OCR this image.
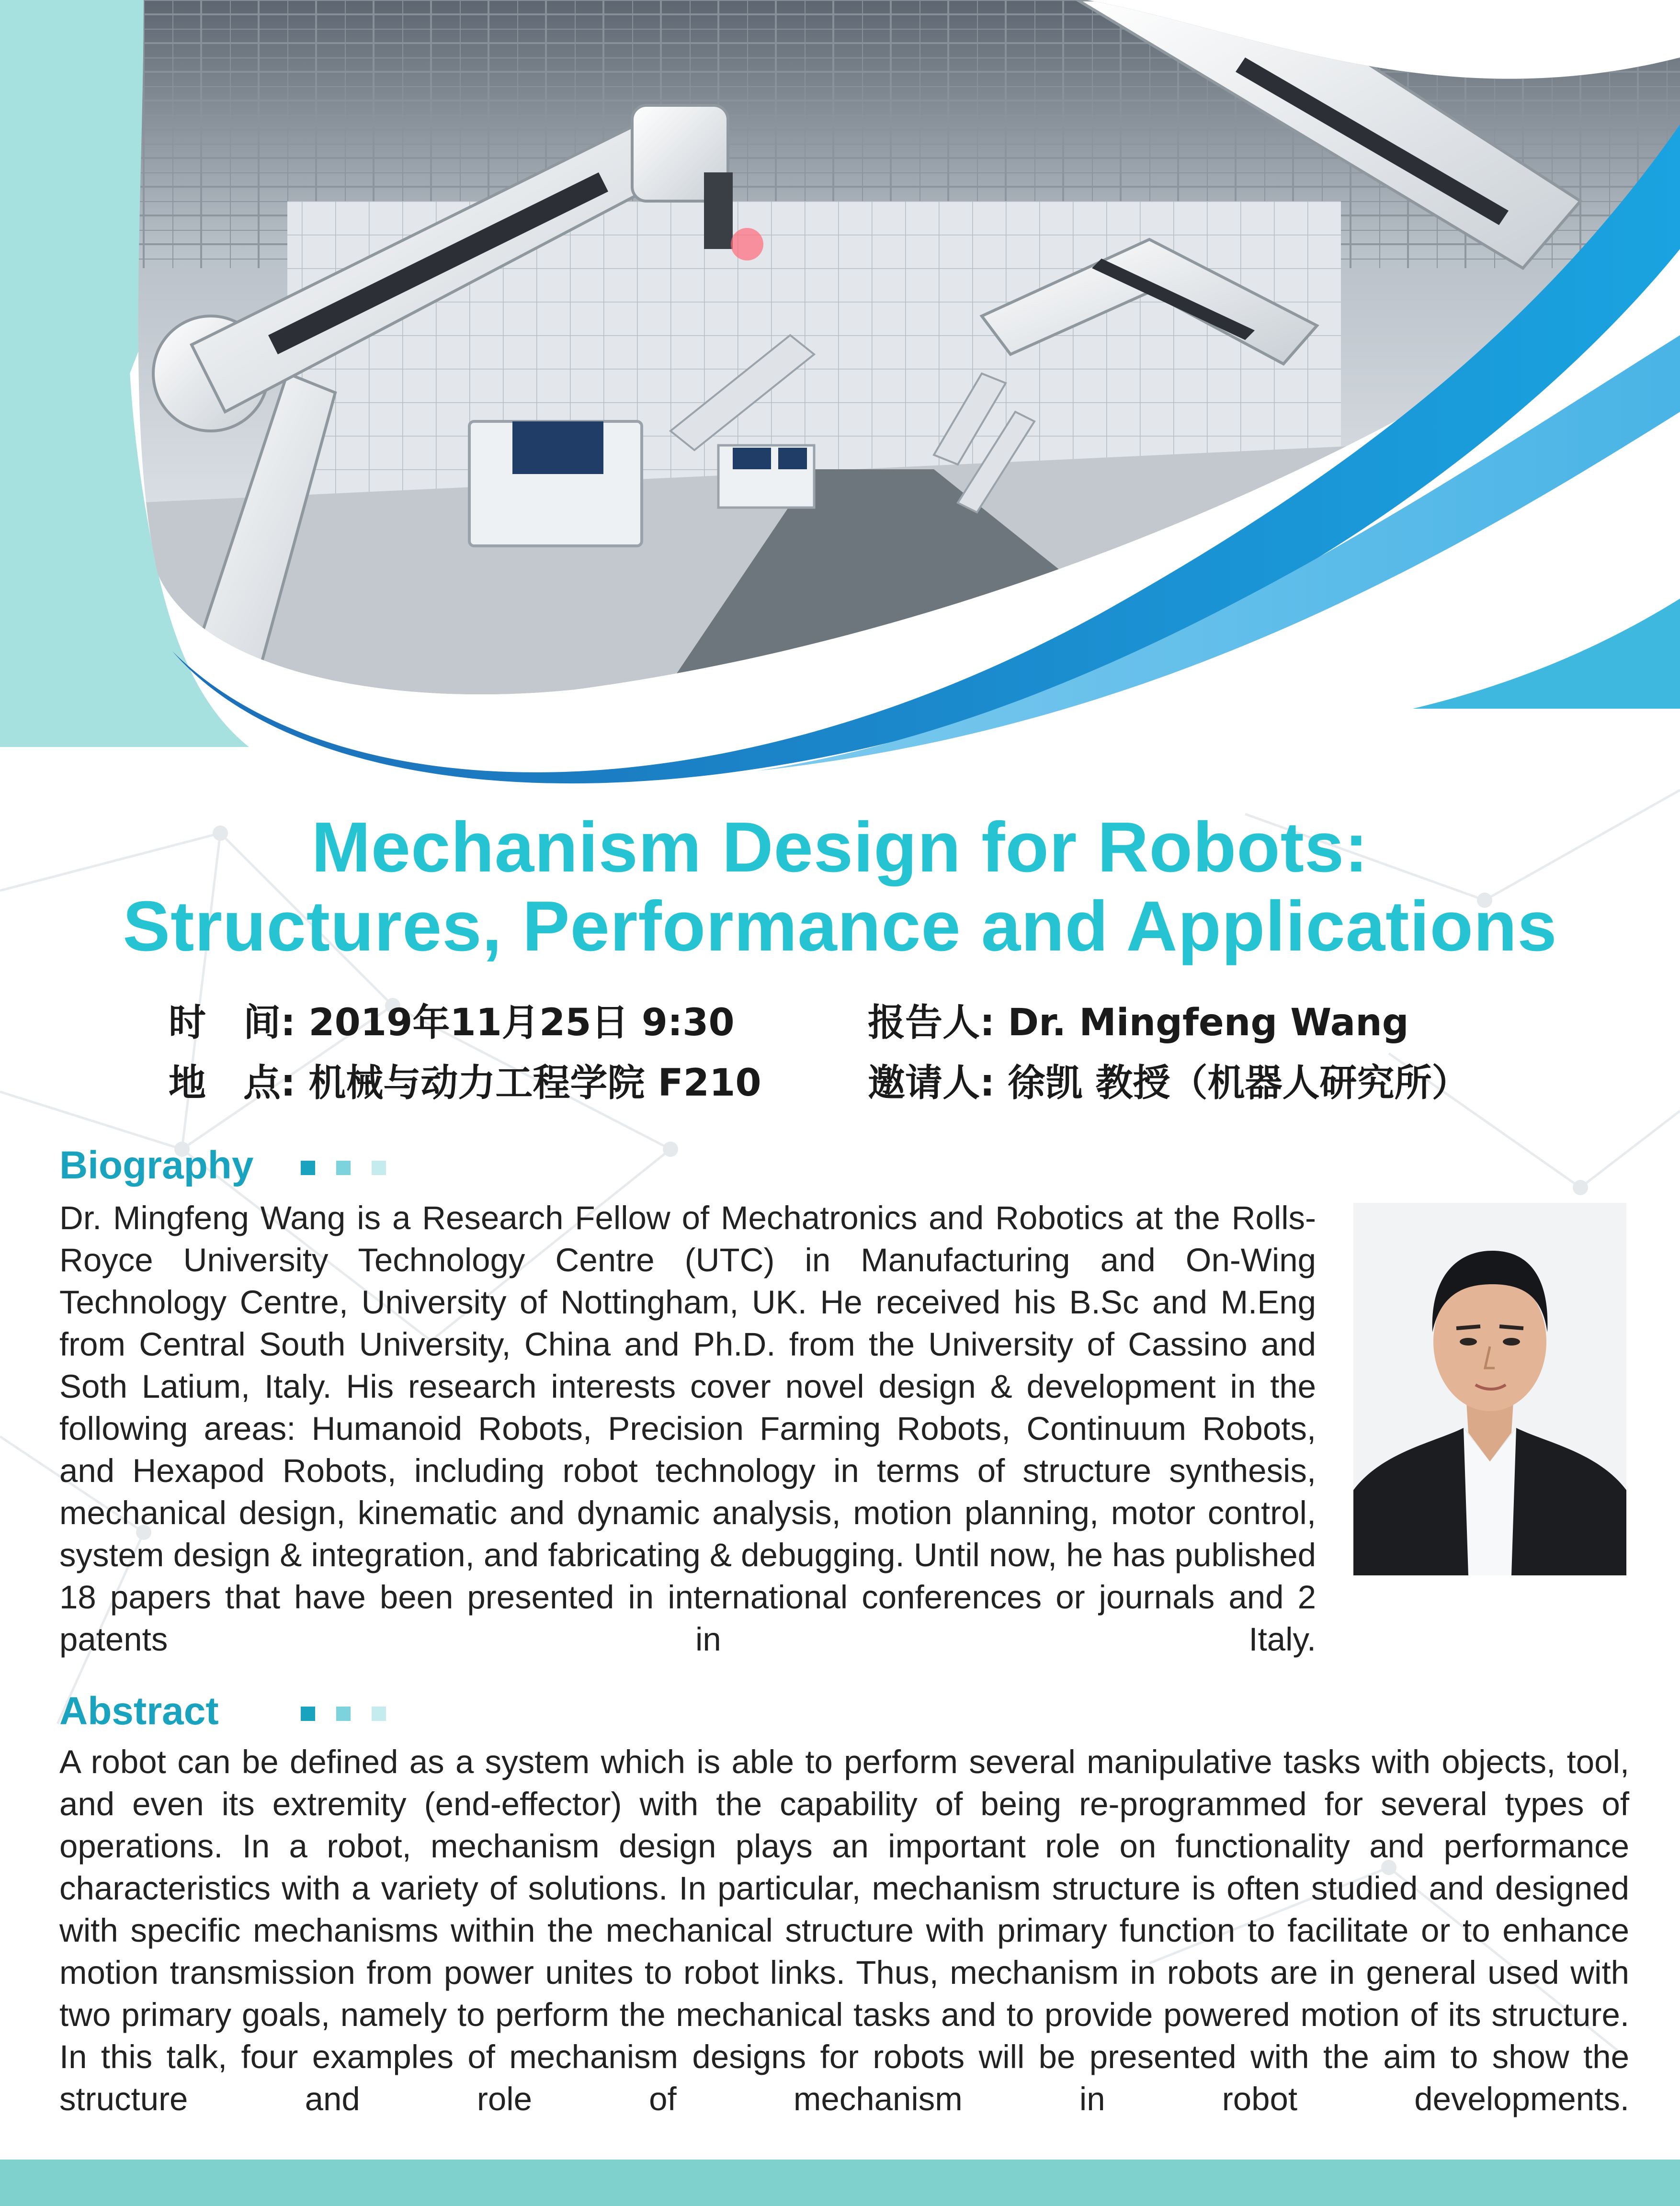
Mechanism Design for Robots:
Structures, Performance and Applications
时　间: 2019年11月25日 9:30
地　点: 机械与动力工程学院 F210
报告人: Dr. Mingfeng Wang
邀请人: 徐凯 教授（机器人研究所）
Biography
Dr. Mingfeng Wang is a Research Fellow of Mechatronics and Robotics at the Rolls-Royce University Technology Centre (UTC) in Manufacturing and On-Wing Technology Centre, University of Nottingham, UK. He received his B.Sc and M.Eng from Central South University, China and Ph.D. from the University of Cassino and Soth Latium, Italy. His research interests cover novel design & development in the following areas: Humanoid Robots, Precision Farming Robots, Continuum Robots, and Hexapod Robots, including robot technology in terms of structure synthesis, mechanical design, kinematic and dynamic analysis, motion planning, motor control, system design & integration, and fabricating & debugging. Until now, he has published 18 papers that have been presented in international conferences or journals and 2 patents in Italy.
Abstract
A robot can be defined as a system which is able to perform several manipulative tasks with objects, tool, and even its extremity (end-effector) with the capability of being re-programmed for several types of operations. In a robot, mechanism design plays an important role on functionality and performance characteristics with a variety of solutions. In particular, mechanism structure is often studied and designed with specific mechanisms within the mechanical structure with primary function to facilitate or to enhance motion transmission from power unites to robot links. Thus, mechanism in robots are in general used with two primary goals, namely to perform the mechanical tasks and to provide powered motion of its structure. In this talk, four examples of mechanism designs for robots will be presented with the aim to show the structure and role of mechanism in robot developments.
